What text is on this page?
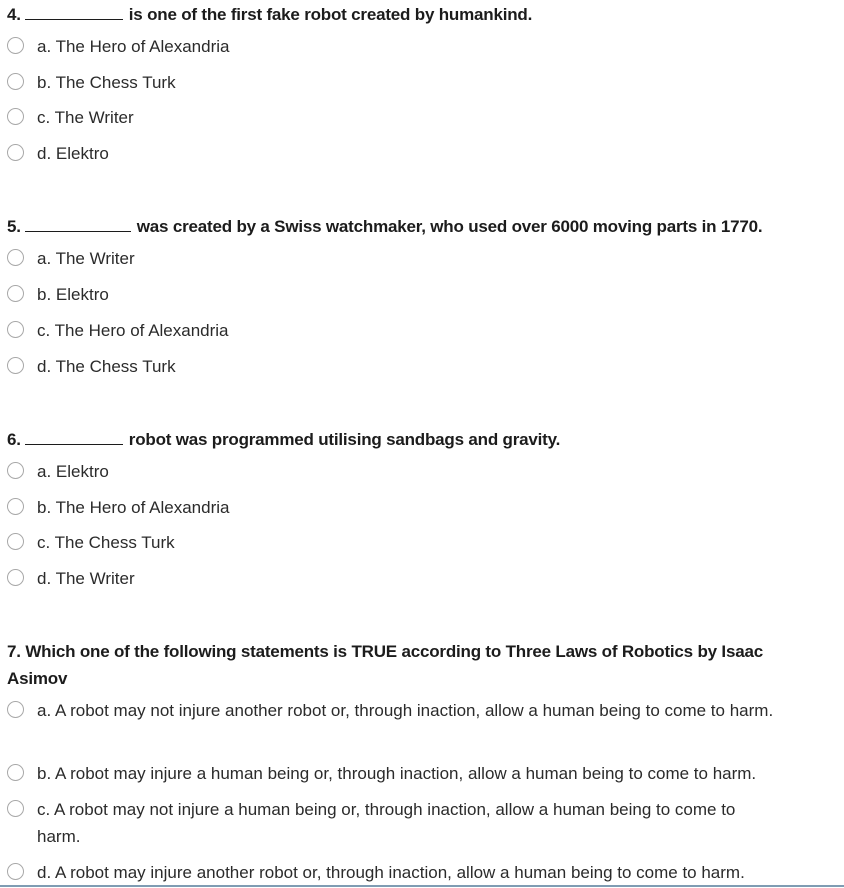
4.	is one of the first fake robot created by humankind.
a. The Hero of Alexandria
b. The Chess Turk
c. The Writer
d. Elektro
5.	was created by a Swiss watchmaker, who used over 6000 moving parts in 1770.
a. The Writer
b. Elektro
c. The Hero of Alexandria
d. The Chess Turk
6.	robot was programmed utilising sandbags and gravity.
a. Elektro
b. The Hero of Alexandria
c. The Chess Turk
d. The Writer
7. Which one of the following statements is TRUE according to Three Laws of Robotics by Isaac Asimov
a. A robot may not injure another robot or, through inaction, allow a human being to come to harm.
b. A robot may injure a human being or, through inaction, allow a human being to come to harm.
c. A robot may not injure a human being or, through inaction, allow a human being to come to harm.
d. A robot may injure another robot or, through inaction, allow a human being to come to harm.
